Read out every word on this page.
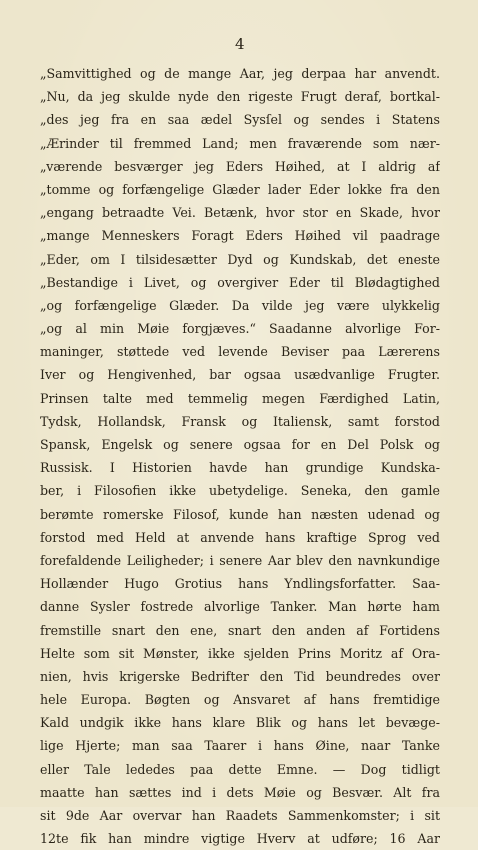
4
„Samvittighed og de mange Aar, jeg derpaa har anvendt.
„Nu, da jeg skulde nyde den rigeste Frugt deraf, bortkal-
„des jeg fra en saa ædel Sysſel og sendes i Statens
„Ærinder til fremmed Land; men fraværende som nær-
„værende besværger jeg Eders Høihed, at I aldrig af
„tomme og forfængelige Glæder lader Eder lokke fra den
„engang betraadte Vei. Betænk, hvor stor en Skade, hvor
„mange Menneskers Foragt Eders Høihed vil paadrage
„Eder, om I tilsidesætter Dyd og Kundskab, det eneste
„Bestandige i Livet, og overgiver Eder til Blødagtighed
„og forfængelige Glæder. Da vilde jeg være ulykkelig
„og al min Møie forgjæves.“ Saadanne alvorlige For-
maninger, støttede ved levende Beviser paa Lærerens
Iver og Hengivenhed, bar ogsaa usædvanlige Frugter.
Prinsen talte med temmelig megen Færdighed Latin,
Tydsk, Hollandsk, Fransk og Italiensk, samt forstod
Spansk, Engelsk og senere ogsaa for en Del Polsk og
Russisk. I Historien havde han grundige Kundska-
ber, i Filosofien ikke ubetydelige. Seneka, den gamle
berømte romerske Filosof, kunde han næsten udenad og
forstod med Held at anvende hans kraftige Sprog ved
forefaldende Leiligheder; i senere Aar blev den navnkundige
Hollænder Hugo Grotius hans Yndlingsforfatter. Saa-
danne Sysler fostrede alvorlige Tanker. Man hørte ham
fremstille snart den ene, snart den anden af Fortidens
Helte som sit Mønster, ikke sjelden Prins Moritz af Ora-
nien, hvis krigerske Bedrifter den Tid beundredes over
hele Europa. Bøgten og Ansvaret af hans fremtidige
Kald undgik ikke hans klare Blik og hans let bevæge-
lige Hjerte; man saa Taarer i hans Øine, naar Tanke
eller Tale lededes paa dette Emne. — Dog tidligt
maatte han sættes ind i dets Møie og Besvær. Alt fra
sit 9de Aar overvar han Raadets Sammenkomster; i sit
12te fik han mindre vigtige Hverv at udføre; 16 Aar
